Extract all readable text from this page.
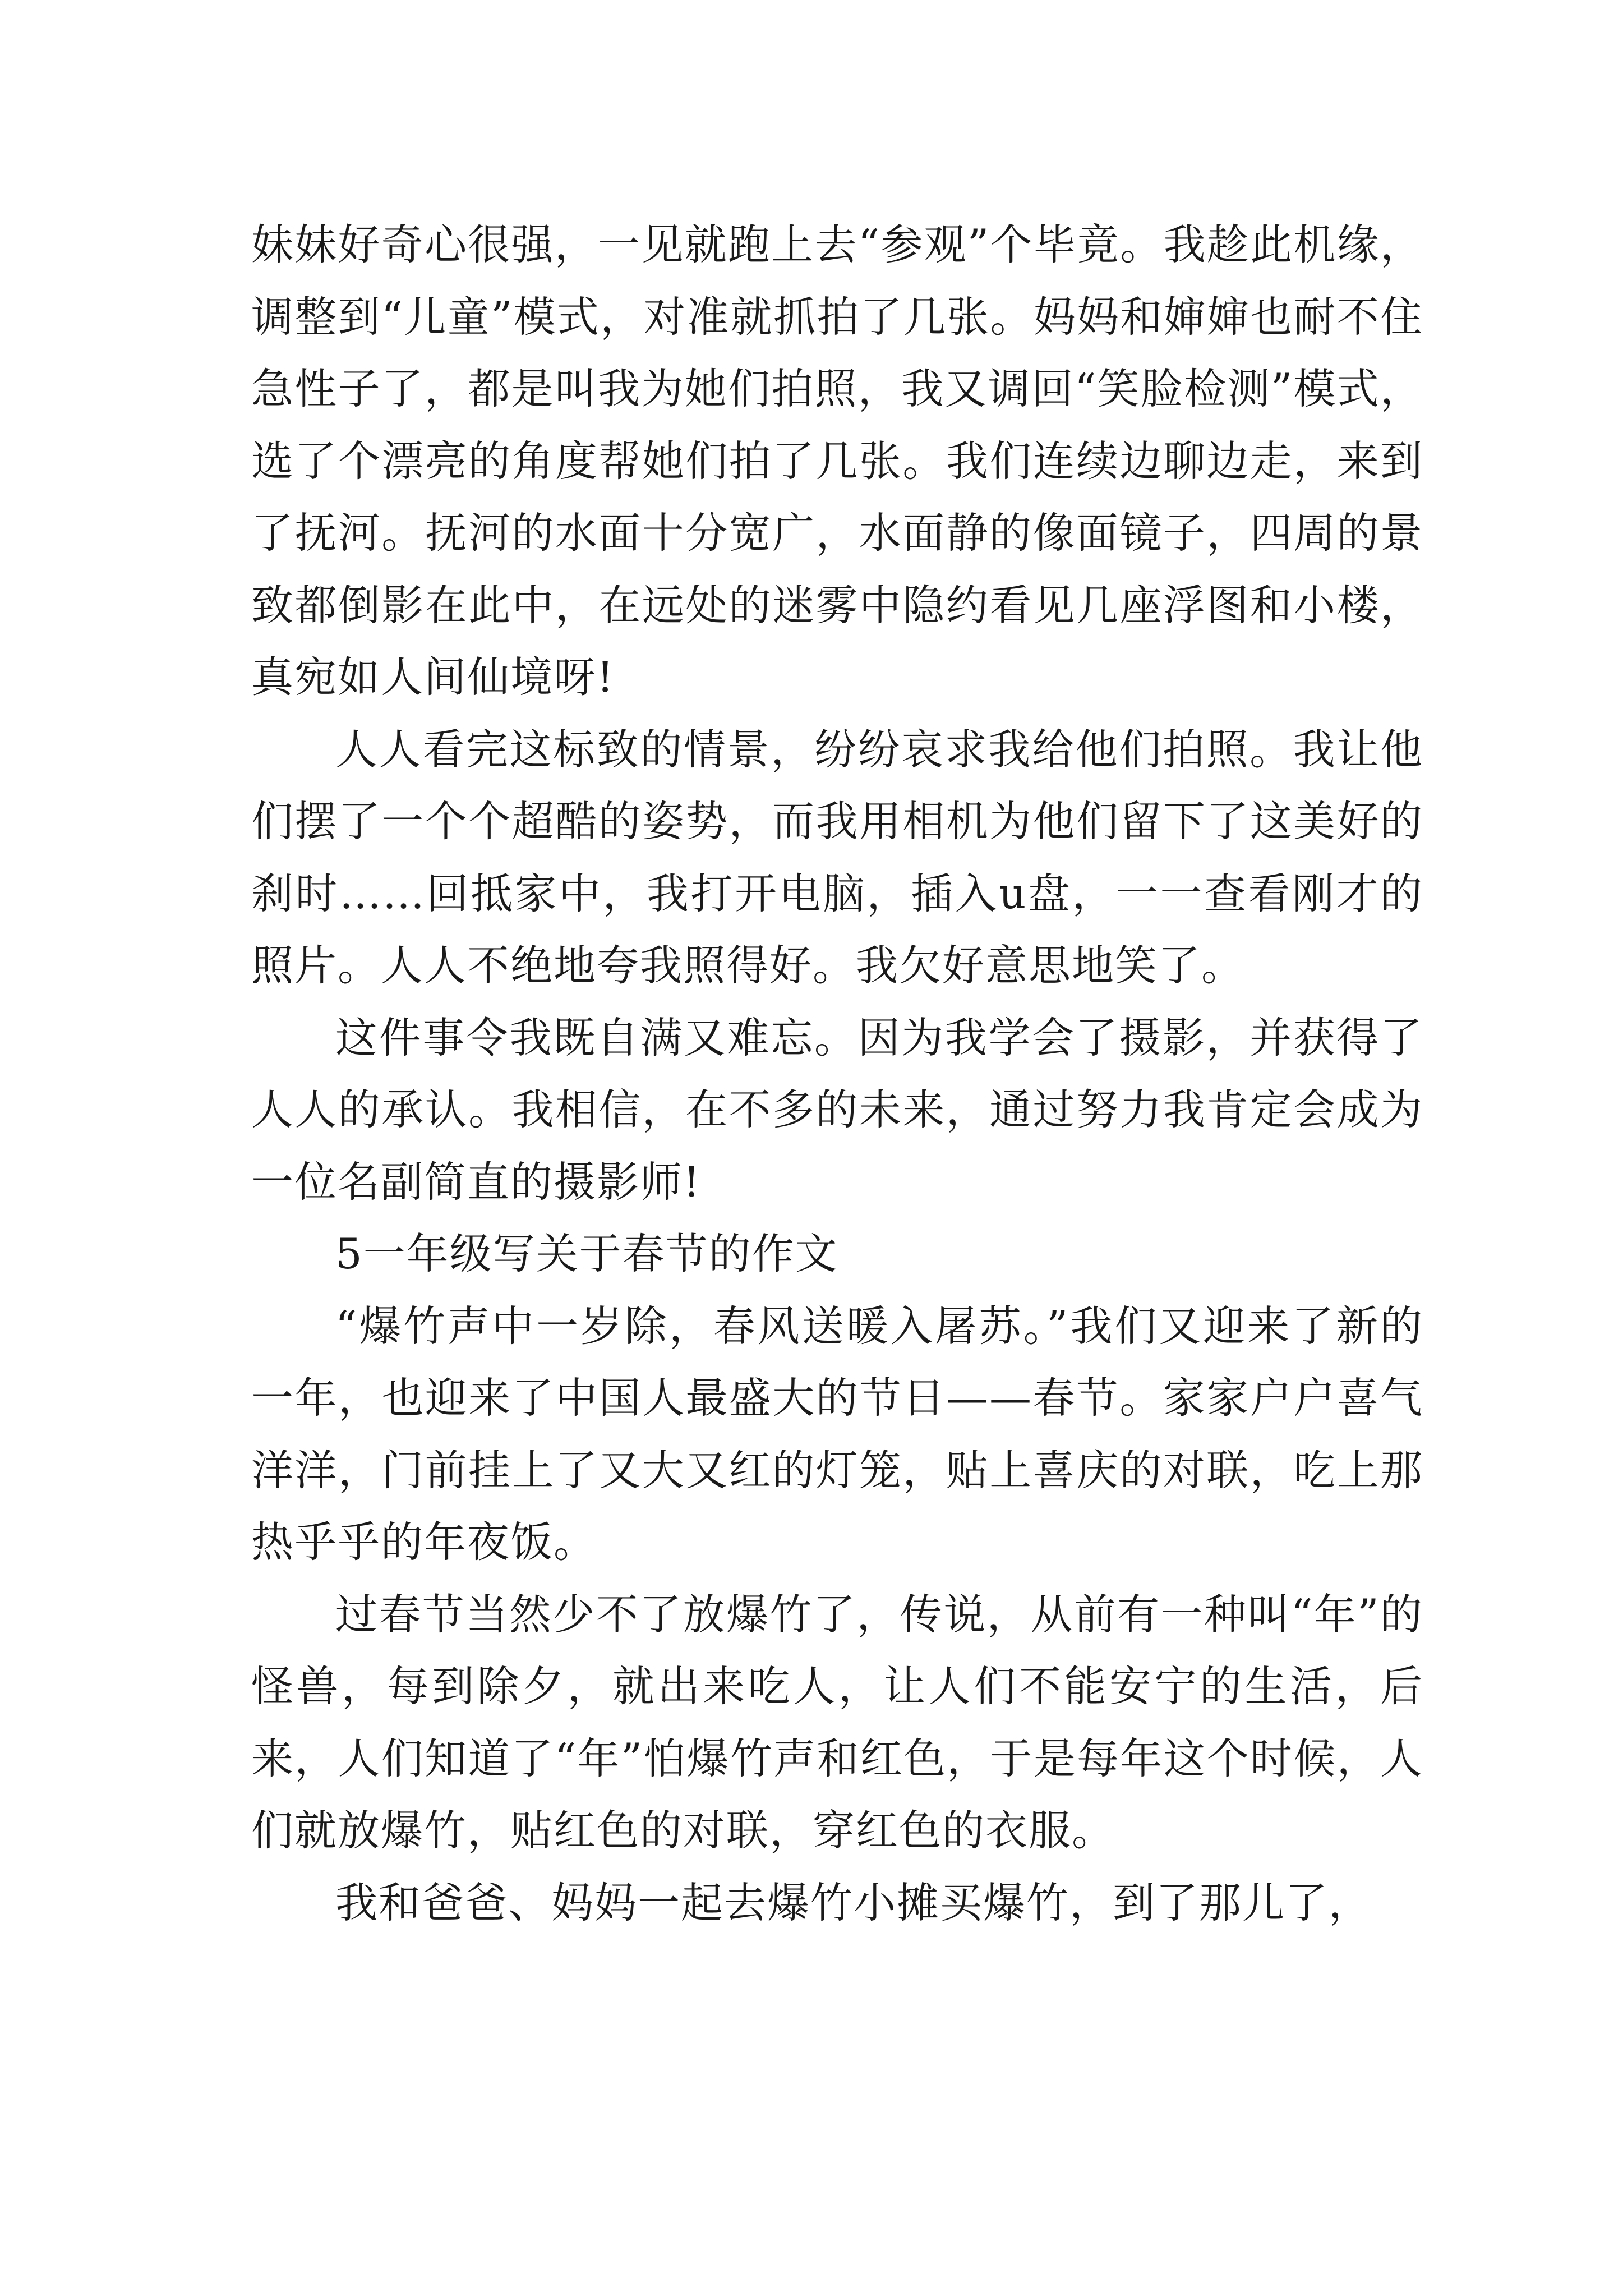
妹妹好奇心很强，一见就跑上去“参观”个毕竟。我趁此机缘，调整到“儿童”模式，对准就抓拍了几张。妈妈和婶婶也耐不住急性子了，都是叫我为她们拍照，我又调回“笑脸检测”模式，选了个漂亮的角度帮她们拍了几张。我们连续边聊边走，来到了抚河。抚河的水面十分宽广，水面静的像面镜子，四周的景致都倒影在此中，在远处的迷雾中隐约看见几座浮图和小楼，真宛如人间仙境呀!

人人看完这标致的情景，纷纷哀求我给他们拍照。我让他们摆了一个个超酷的姿势，而我用相机为他们留下了这美好的刹时……回抵家中，我打开电脑，插入u盘，一一查看刚才的照片。人人不绝地夸我照得好。我欠好意思地笑了。

这件事令我既自满又难忘。因为我学会了摄影，并获得了人人的承认。我相信，在不多的未来，通过努力我肯定会成为一位名副简直的摄影师!

5一年级写关于春节的作文

“爆竹声中一岁除，春风送暖入屠苏。”我们又迎来了新的一年，也迎来了中国人最盛大的节日——春节。家家户户喜气洋洋，门前挂上了又大又红的灯笼，贴上喜庆的对联，吃上那热乎乎的年夜饭。

过春节当然少不了放爆竹了，传说，从前有一种叫“年”的怪兽，每到除夕，就出来吃人，让人们不能安宁的生活，后来，人们知道了“年”怕爆竹声和红色，于是每年这个时候，人们就放爆竹，贴红色的对联，穿红色的衣服。

我和爸爸、妈妈一起去爆竹小摊买爆竹，到了那儿了，
